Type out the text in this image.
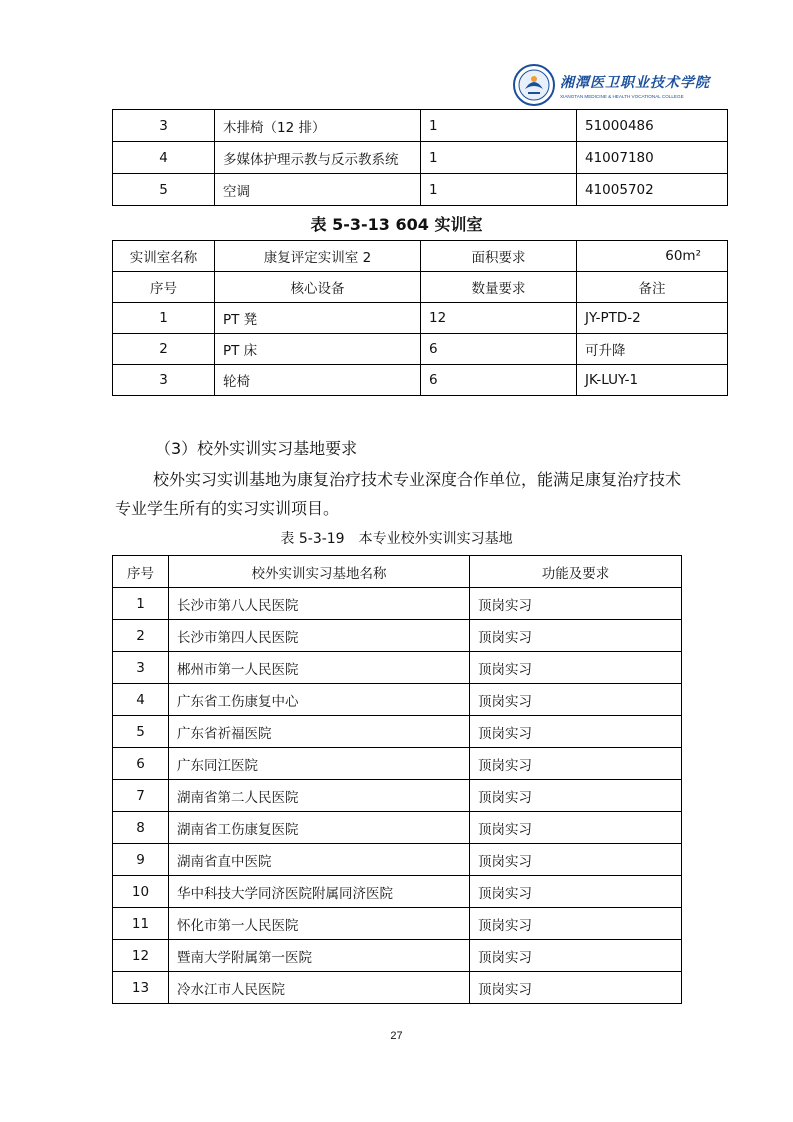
湘潭医卫职业技术学院
XIANGTAN MEDICINE & HEALTH VOCATIONAL COLLEGE
3	木排椅（12 排）	1	51000486
4	多媒体护理示教与反示教系统	1	41007180
5	空调	1	41005702
表 5-3-13 604 实训室
实训室名称	康复评定实训室 2	面积要求	60m²
序号	核心设备	数量要求	备注
1	PT 凳	12	JY-PTD-2
2	PT 床	6	可升降
3	轮椅	6	JK-LUY-1
（3）校外实训实习基地要求
校外实习实训基地为康复治疗技术专业深度合作单位，能满足康复治疗技术
专业学生所有的实习实训项目。
表 5-3-19　本专业校外实训实习基地
序号	校外实训实习基地名称	功能及要求
1	长沙市第八人民医院	顶岗实习
2	长沙市第四人民医院	顶岗实习
3	郴州市第一人民医院	顶岗实习
4	广东省工伤康复中心	顶岗实习
5	广东省祈福医院	顶岗实习
6	广东同江医院	顶岗实习
7	湖南省第二人民医院	顶岗实习
8	湖南省工伤康复医院	顶岗实习
9	湖南省直中医院	顶岗实习
10	华中科技大学同济医院附属同济医院	顶岗实习
11	怀化市第一人民医院	顶岗实习
12	暨南大学附属第一医院	顶岗实习
13	冷水江市人民医院	顶岗实习
27
